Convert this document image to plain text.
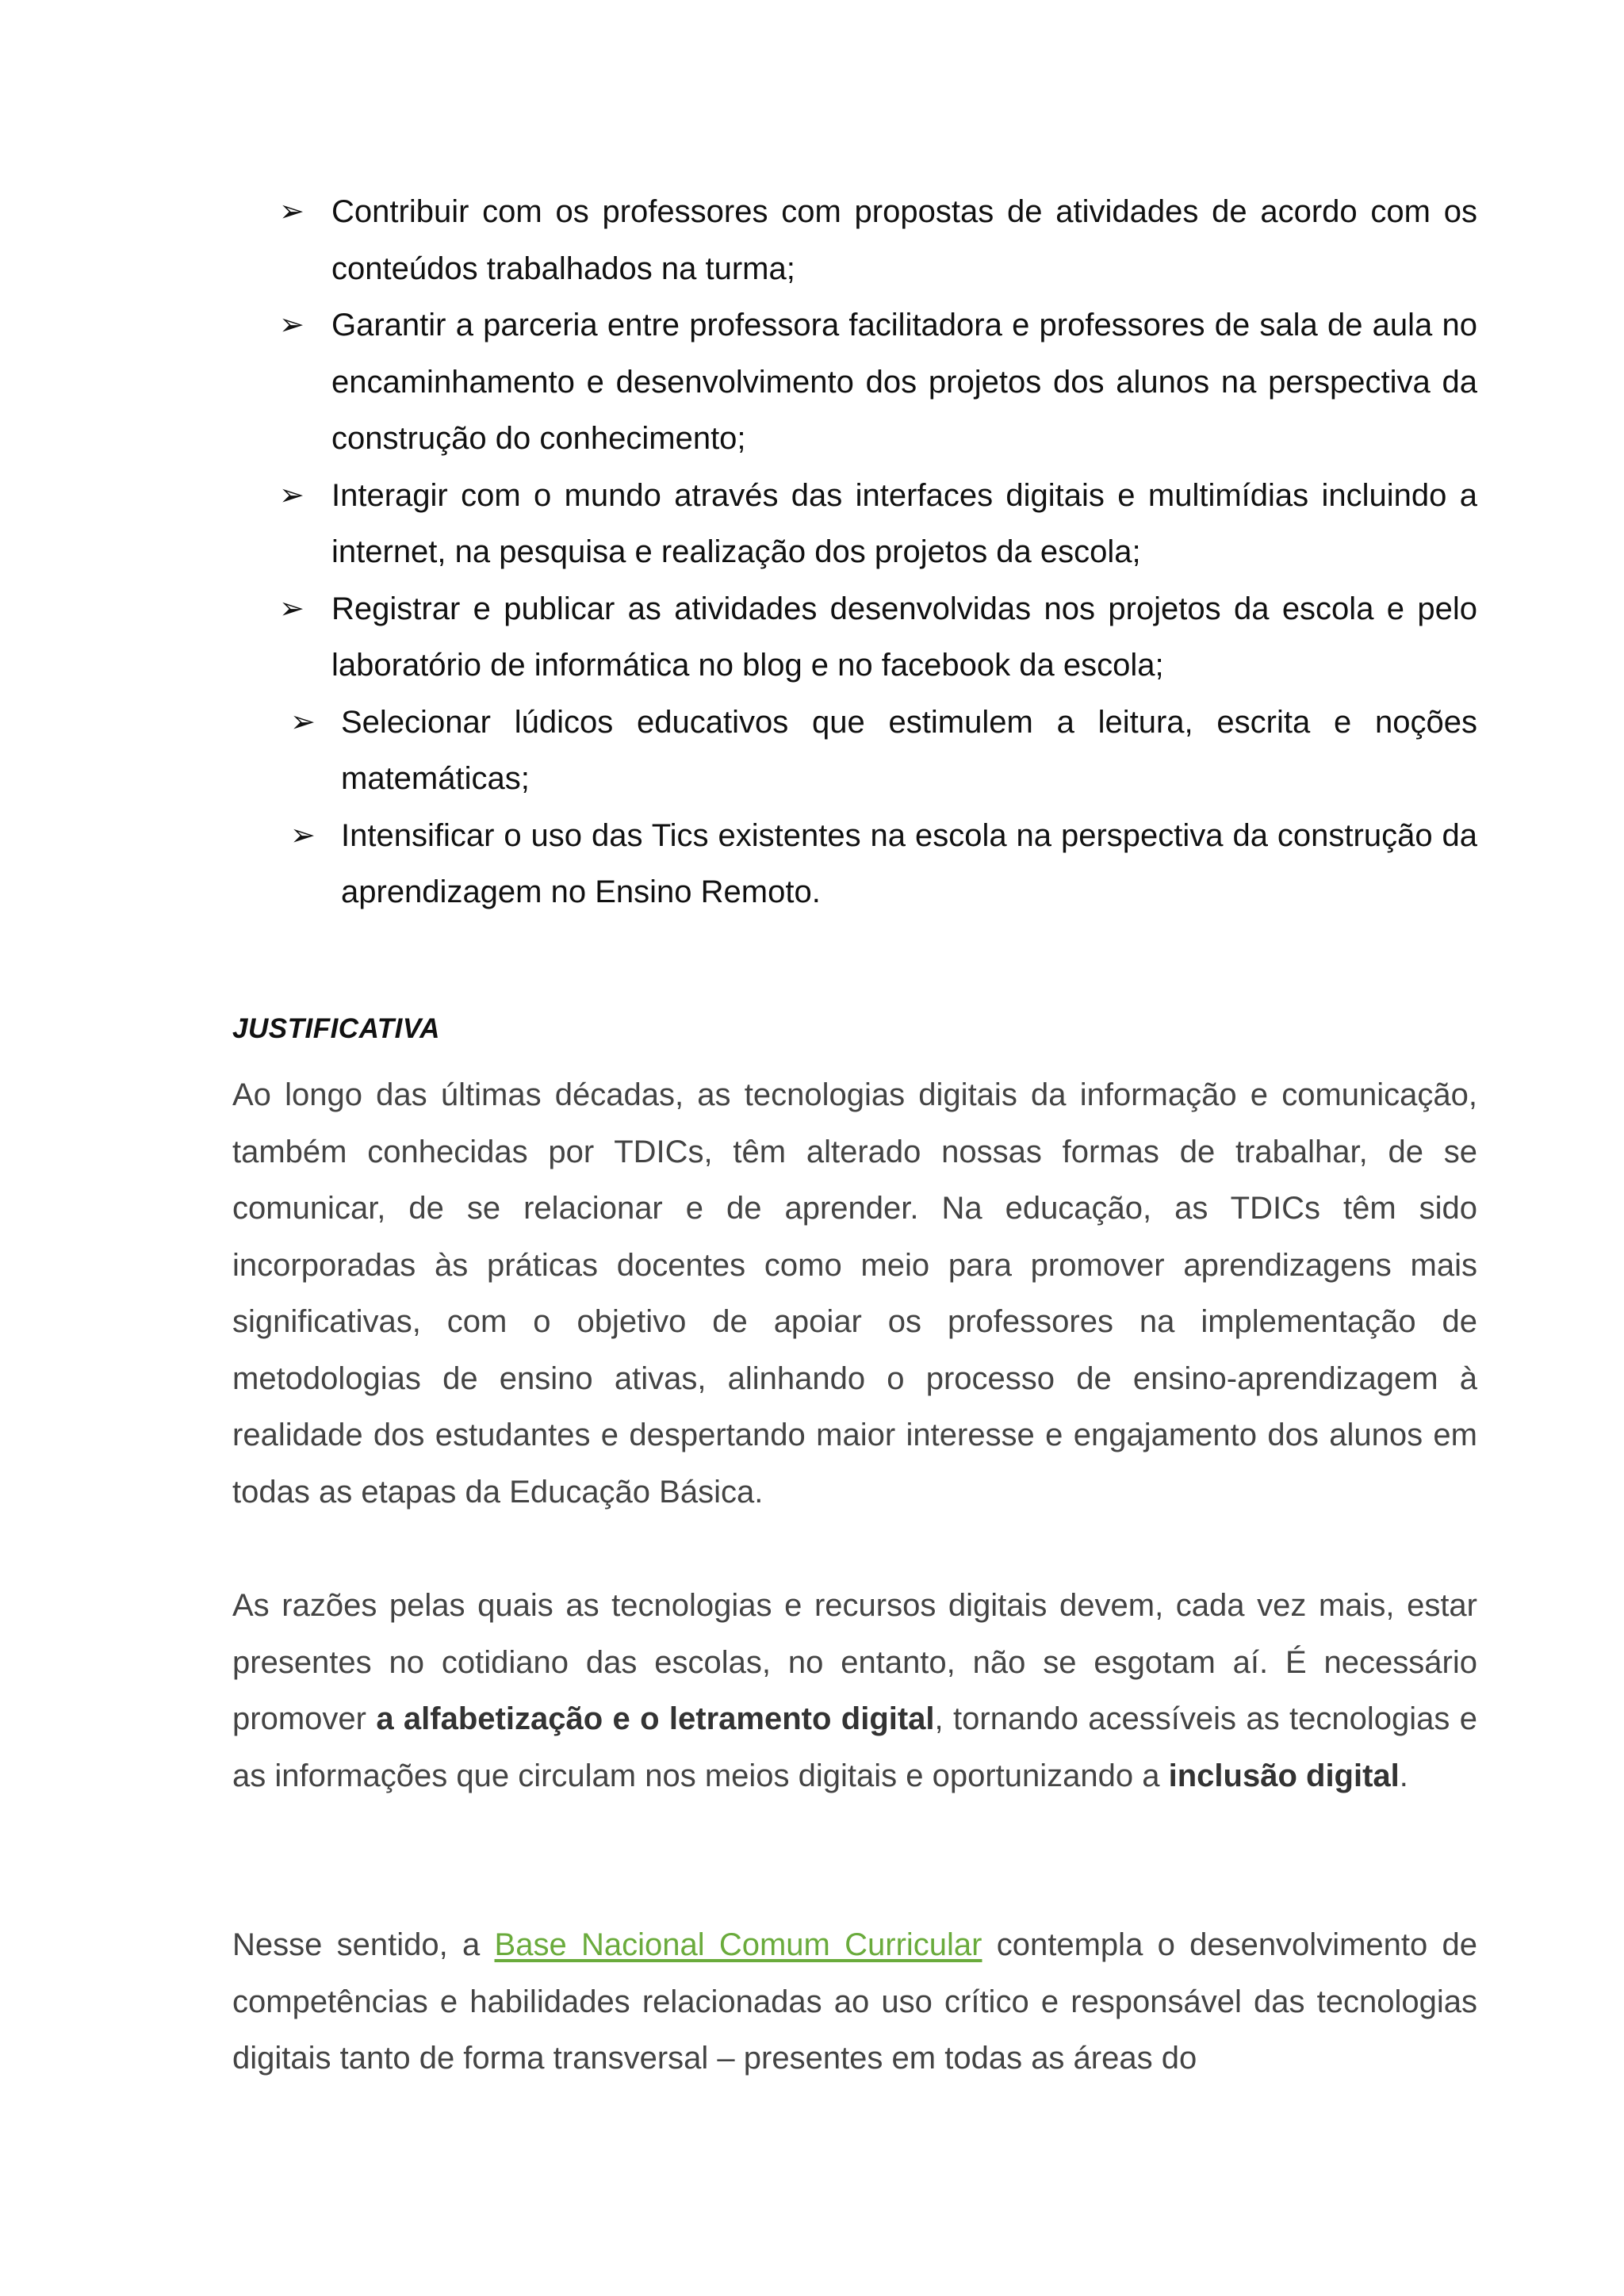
➢ Contribuir com os professores com propostas de atividades de acordo com os conteúdos trabalhados na turma;
➢ Garantir a parceria entre professora facilitadora e professores de sala de aula no encaminhamento e desenvolvimento dos projetos dos alunos na perspectiva da construção do conhecimento;
➢ Interagir com o mundo através das interfaces digitais e multimídias incluindo a internet, na pesquisa e realização dos projetos da escola;
➢ Registrar e publicar as atividades desenvolvidas nos projetos da escola e pelo laboratório de informática no blog e no facebook da escola;
➢ Selecionar lúdicos educativos que estimulem a leitura, escrita e noções matemáticas;
➢ Intensificar o uso das Tics existentes na escola na perspectiva da construção da aprendizagem no Ensino Remoto.
JUSTIFICATIVA

Ao longo das últimas décadas, as tecnologias digitais da informação e comunicação, também conhecidas por TDICs, têm alterado nossas formas de trabalhar, de se comunicar, de se relacionar e de aprender. Na educação, as TDICs têm sido incorporadas às práticas docentes como meio para promover aprendizagens mais significativas, com o objetivo de apoiar os professores na implementação de metodologias de ensino ativas, alinhando o processo de ensino-aprendizagem à realidade dos estudantes e despertando maior interesse e engajamento dos alunos em todas as etapas da Educação Básica.

As razões pelas quais as tecnologias e recursos digitais devem, cada vez mais, estar presentes no cotidiano das escolas, no entanto, não se esgotam aí. É necessário promover a alfabetização e o letramento digital, tornando acessíveis as tecnologias e as informações que circulam nos meios digitais e oportunizando a inclusão digital.

Nesse sentido, a Base Nacional Comum Curricular contempla o desenvolvimento de competências e habilidades relacionadas ao uso crítico e responsável das tecnologias digitais tanto de forma transversal – presentes em todas as áreas do
